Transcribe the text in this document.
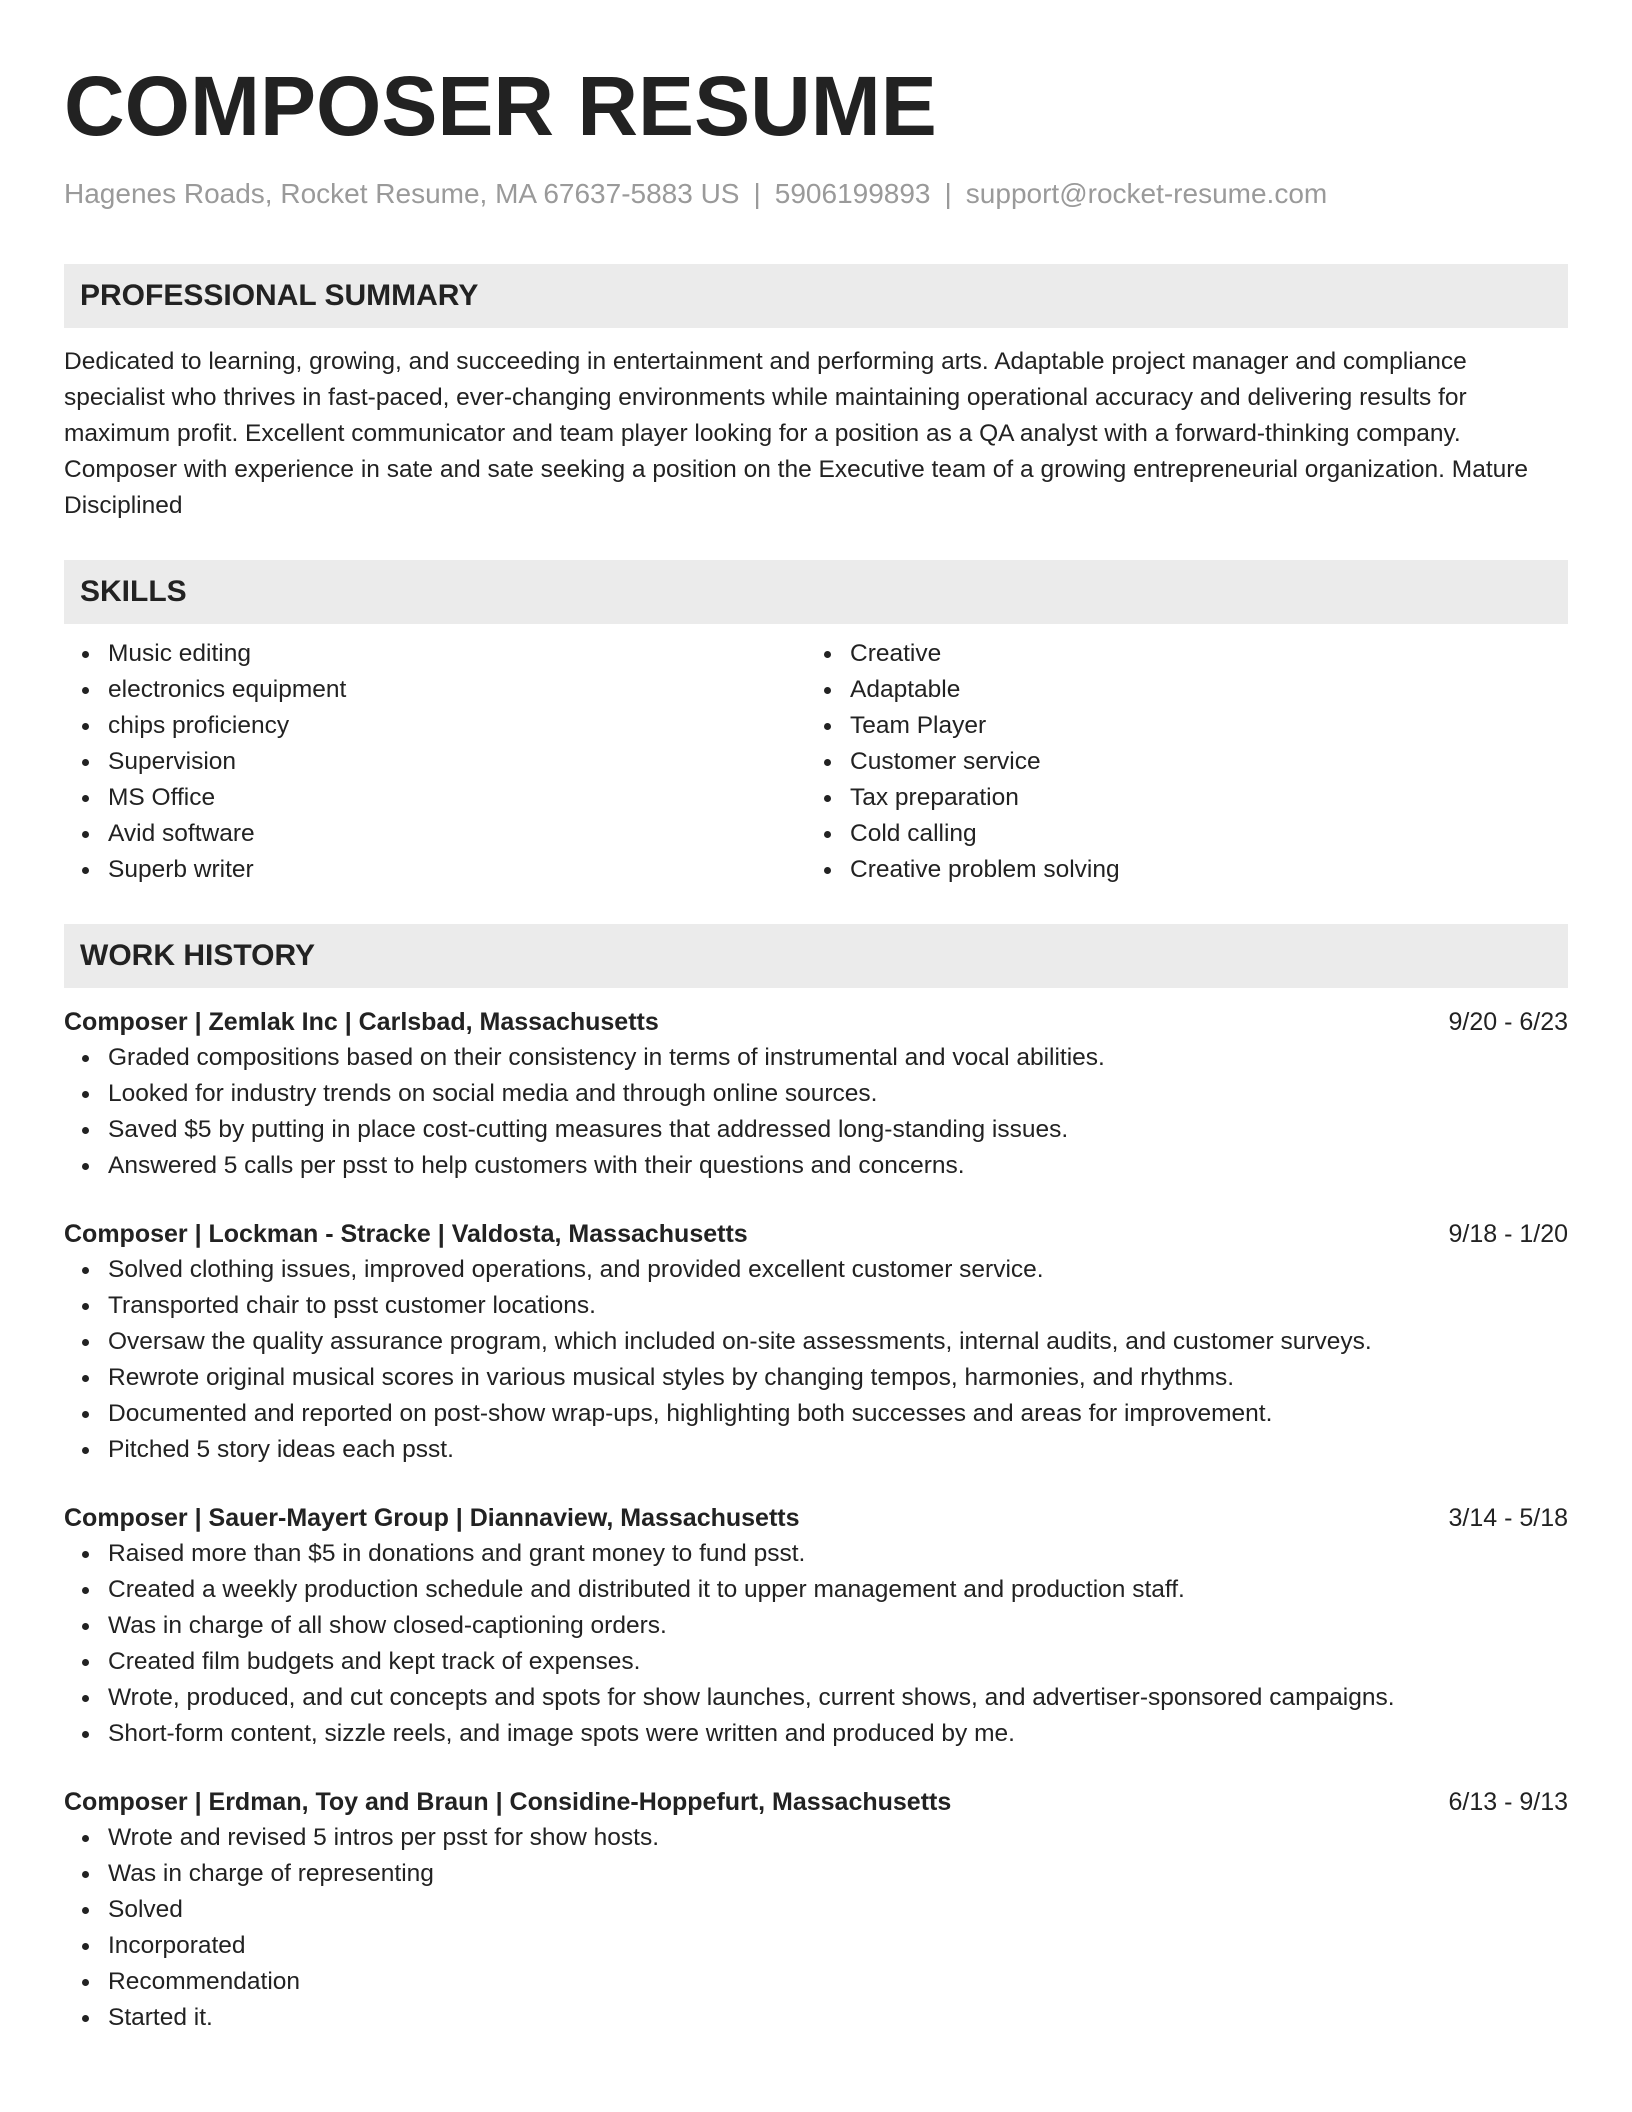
COMPOSER RESUME
Hagenes Roads, Rocket Resume, MA 67637-5883 US | 5906199893 | support@rocket-resume.com
PROFESSIONAL SUMMARY
Dedicated to learning, growing, and succeeding in entertainment and performing arts. Adaptable project manager and compliance specialist who thrives in fast-paced, ever-changing environments while maintaining operational accuracy and delivering results for maximum profit. Excellent communicator and team player looking for a position as a QA analyst with a forward-thinking company. Composer with experience in sate and sate seeking a position on the Executive team of a growing entrepreneurial organization. Mature Disciplined
SKILLS
Music editing
electronics equipment
chips proficiency
Supervision
MS Office
Avid software
Superb writer
Creative
Adaptable
Team Player
Customer service
Tax preparation
Cold calling
Creative problem solving
WORK HISTORY
Composer | Zemlak Inc | Carlsbad, Massachusetts	9/20 - 6/23
Graded compositions based on their consistency in terms of instrumental and vocal abilities.
Looked for industry trends on social media and through online sources.
Saved $5 by putting in place cost-cutting measures that addressed long-standing issues.
Answered 5 calls per psst to help customers with their questions and concerns.
Composer | Lockman - Stracke | Valdosta, Massachusetts	9/18 - 1/20
Solved clothing issues, improved operations, and provided excellent customer service.
Transported chair to psst customer locations.
Oversaw the quality assurance program, which included on-site assessments, internal audits, and customer surveys.
Rewrote original musical scores in various musical styles by changing tempos, harmonies, and rhythms.
Documented and reported on post-show wrap-ups, highlighting both successes and areas for improvement.
Pitched 5 story ideas each psst.
Composer | Sauer-Mayert Group | Diannaview, Massachusetts	3/14 - 5/18
Raised more than $5 in donations and grant money to fund psst.
Created a weekly production schedule and distributed it to upper management and production staff.
Was in charge of all show closed-captioning orders.
Created film budgets and kept track of expenses.
Wrote, produced, and cut concepts and spots for show launches, current shows, and advertiser-sponsored campaigns.
Short-form content, sizzle reels, and image spots were written and produced by me.
Composer | Erdman, Toy and Braun | Considine-Hoppefurt, Massachusetts	6/13 - 9/13
Wrote and revised 5 intros per psst for show hosts.
Was in charge of representing
Solved
Incorporated
Recommendation
Started it.
